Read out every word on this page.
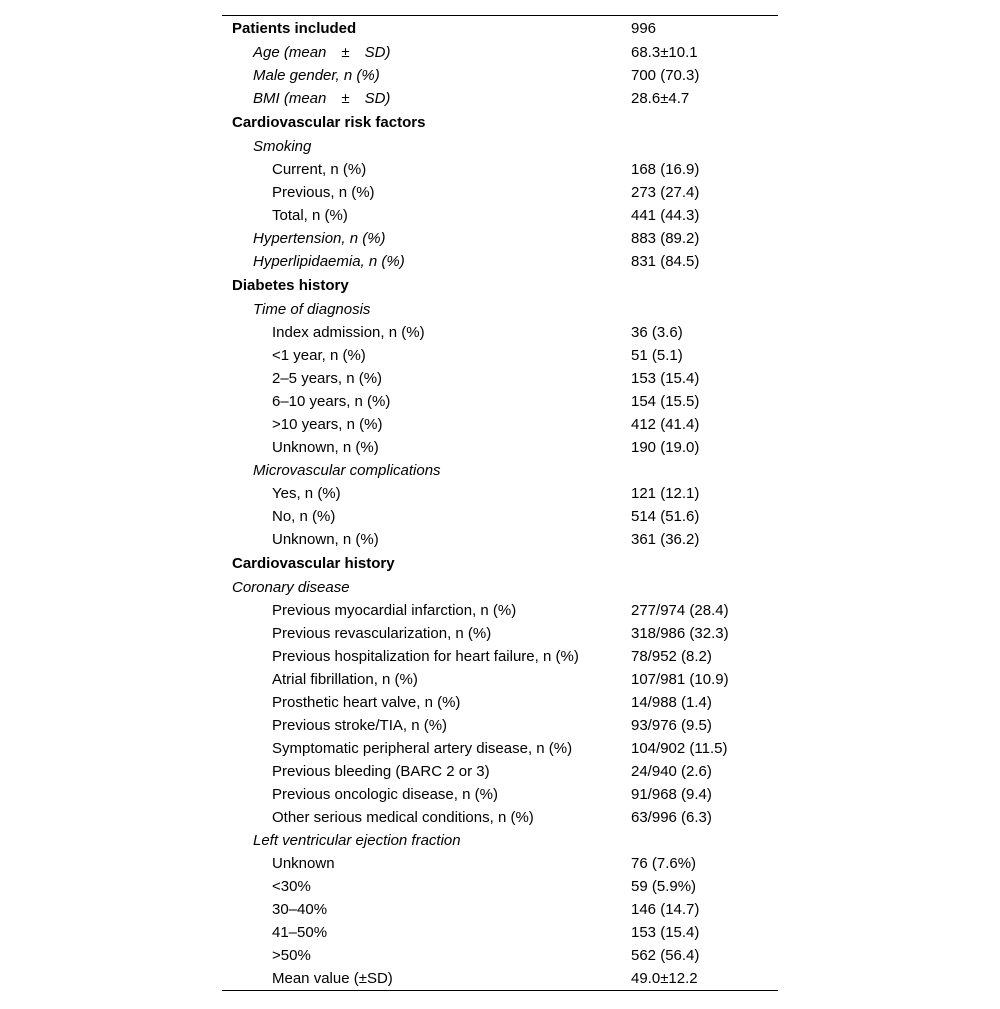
Patients included	996
Age (mean ± SD)	68.3±10.1
Male gender, n (%)	700 (70.3)
BMI (mean ± SD)	28.6±4.7
Cardiovascular risk factors
Smoking
Current, n (%)	168 (16.9)
Previous, n (%)	273 (27.4)
Total, n (%)	441 (44.3)
Hypertension, n (%)	883 (89.2)
Hyperlipidaemia, n (%)	831 (84.5)
Diabetes history
Time of diagnosis
Index admission, n (%)	36 (3.6)
<1 year, n (%)	51 (5.1)
2–5 years, n (%)	153 (15.4)
6–10 years, n (%)	154 (15.5)
>10 years, n (%)	412 (41.4)
Unknown, n (%)	190 (19.0)
Microvascular complications
Yes, n (%)	121 (12.1)
No, n (%)	514 (51.6)
Unknown, n (%)	361 (36.2)
Cardiovascular history
Coronary disease
Previous myocardial infarction, n (%)	277/974 (28.4)
Previous revascularization, n (%)	318/986 (32.3)
Previous hospitalization for heart failure, n (%)	78/952 (8.2)
Atrial fibrillation, n (%)	107/981 (10.9)
Prosthetic heart valve, n (%)	14/988 (1.4)
Previous stroke/TIA, n (%)	93/976 (9.5)
Symptomatic peripheral artery disease, n (%)	104/902 (11.5)
Previous bleeding (BARC 2 or 3)	24/940 (2.6)
Previous oncologic disease, n (%)	91/968 (9.4)
Other serious medical conditions, n (%)	63/996 (6.3)
Left ventricular ejection fraction
Unknown	76 (7.6%)
<30%	59 (5.9%)
30–40%	146 (14.7)
41–50%	153 (15.4)
>50%	562 (56.4)
Mean value (±SD)	49.0±12.2
